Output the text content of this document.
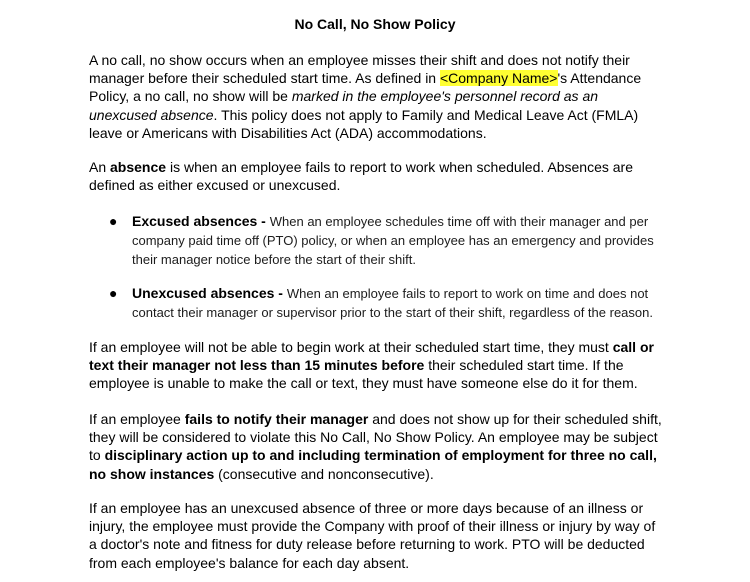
No Call, No Show Policy

A no call, no show occurs when an employee misses their shift and does not notify their manager before their scheduled start time. As defined in <Company Name>'s Attendance Policy, a no call, no show will be marked in the employee's personnel record as an unexcused absence. This policy does not apply to Family and Medical Leave Act (FMLA) leave or Americans with Disabilities Act (ADA) accommodations.

An absence is when an employee fails to report to work when scheduled. Absences are defined as either excused or unexcused.

● Excused absences - When an employee schedules time off with their manager and per company paid time off (PTO) policy, or when an employee has an emergency and provides their manager notice before the start of their shift.
● Unexcused absences - When an employee fails to report to work on time and does not contact their manager or supervisor prior to the start of their shift, regardless of the reason.

If an employee will not be able to begin work at their scheduled start time, they must call or text their manager not less than 15 minutes before their scheduled start time. If the employee is unable to make the call or text, they must have someone else do it for them.

If an employee fails to notify their manager and does not show up for their scheduled shift, they will be considered to violate this No Call, No Show Policy. An employee may be subject to disciplinary action up to and including termination of employment for three no call, no show instances (consecutive and nonconsecutive).

If an employee has an unexcused absence of three or more days because of an illness or injury, the employee must provide the Company with proof of their illness or injury by way of a doctor's note and fitness for duty release before returning to work. PTO will be deducted from each employee's balance for each day absent.
